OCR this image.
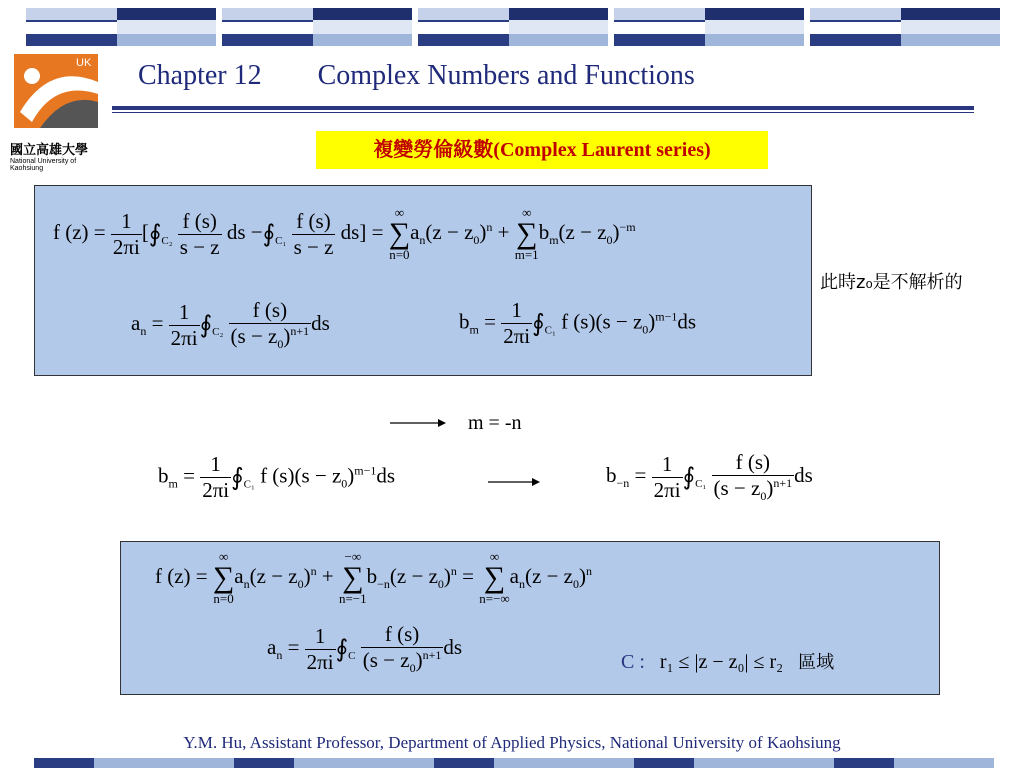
UK
國立高雄大學
National University of Kaohsiung
Chapter 12        Complex Numbers and Functions
複變勞倫級數(Complex Laurent series)
f $(z) = \frac{1}{2\pi i}$ [$∮_{C_2} \frac{f (s)}{s - z}$ ds $-∮_{C_1} \frac{f (s)}{s - z} ds$] = ∞
∑
$n=0a_n(z - z_0)^n$ + ∞
∑
$m=1b_m(z - z_0)^{-m}$
$a_n = \frac{1}{2\pi i}$ $∮_{C_2} \frac{f (s)}{(s - z_0)^{n+1}}$ ds	$b_m = \frac{1}{2\pi i}$ $∮_{C_1}$ f $(s)(s - z_0)^{m-1}ds$
此時z₀是不解析的
m = -n
$b_m = \frac{1}{2\pi i}$ $∮_{C_1}$ f $(s)(s - z_0)^{m-1}ds$	$b_{-n} = \frac{1}{2\pi i}$ $∮_{C_1} \frac{f (s)}{(s - z_0)^{n+1}}$ ds
f (z) = ∞
∑
$n=0a_n(z - z_0)^n$ + −∞
∑
$n=-1b_{-n}(z - z_0)^n$ = ∞
∑
$n=-\infty a_n(z - z_0)^n$
$a_n = \frac{1}{2\pi i}$ $∮_C \frac{f (s)}{(s - z_0)^{n+1}}$ ds
C : r₁ ≤ |z − z₀| ≤ r₂ 區域
Y.M. Hu, Assistant Professor, Department of Applied Physics, National University of Kaohsiung
